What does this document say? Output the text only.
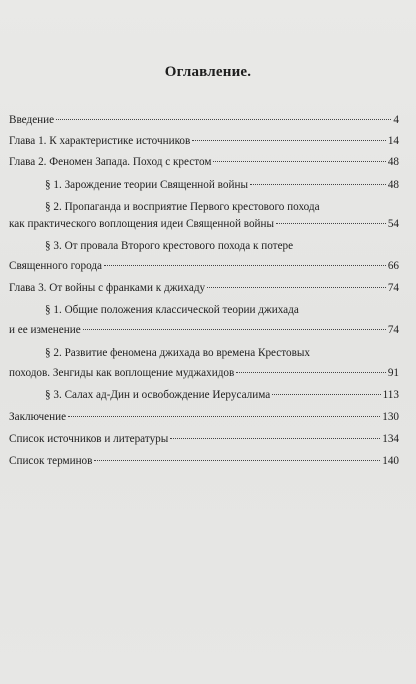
Оглавление.
Введение	4
Глава 1. К характеристике источников	14
Глава 2. Феномен Запада. Поход с крестом	48
§ 1. Зарождение теории Священной войны	48
§ 2. Пропаганда и восприятие Первого крестового похода
как практического воплощения идеи Священной войны	54
§ 3. От провала Второго крестового похода к потере
Священного города	66
Глава 3. От войны с франками к джихаду	74
§ 1. Общие положения классической теории джихада
и ее изменение	74
§ 2. Развитие феномена джихада во времена Крестовых
походов. Зенгиды как воплощение муджахидов	91
§ 3. Салах ад-Дин и освобождение Иерусалима	113
Заключение	130
Список источников и литературы	134
Список терминов	140
